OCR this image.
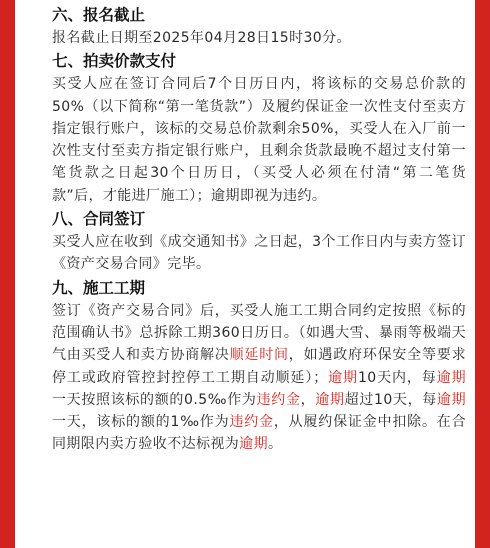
六、报名截止
报名截止日期至2025年04月28日15时30分。
七、拍卖价款支付
买受人应在签订合同后7个日历日内，将该标的交易总价款的50%（以下简称“第一笔货款”）及履约保证金一次性支付至卖方指定银行账户，该标的交易总价款剩余50%，买受人在入厂前一次性支付至卖方指定银行账户，且剩余货款最晚不超过支付第一笔货款之日起30个日历日，（买受人必须在付清“第二笔货款”后，才能进厂施工）；逾期即视为违约。
八、合同签订
买受人应在收到《成交通知书》之日起，3个工作日内与卖方签订《资产交易合同》完毕。
九、施工工期
签订《资产交易合同》后，买受人施工工期合同约定按照《标的范围确认书》总拆除工期360日历日。（如遇大雪、暴雨等极端天气由买受人和卖方协商解决顺延时间，如遇政府环保安全等要求停工或政府管控封控停工工期自动顺延）；逾期10天内，每逾期一天按照该标的额的0.5‰作为违约金，逾期超过10天，每逾期一天，该标的额的1‰作为违约金，从履约保证金中扣除。在合同期限内卖方验收不达标视为逾期。
